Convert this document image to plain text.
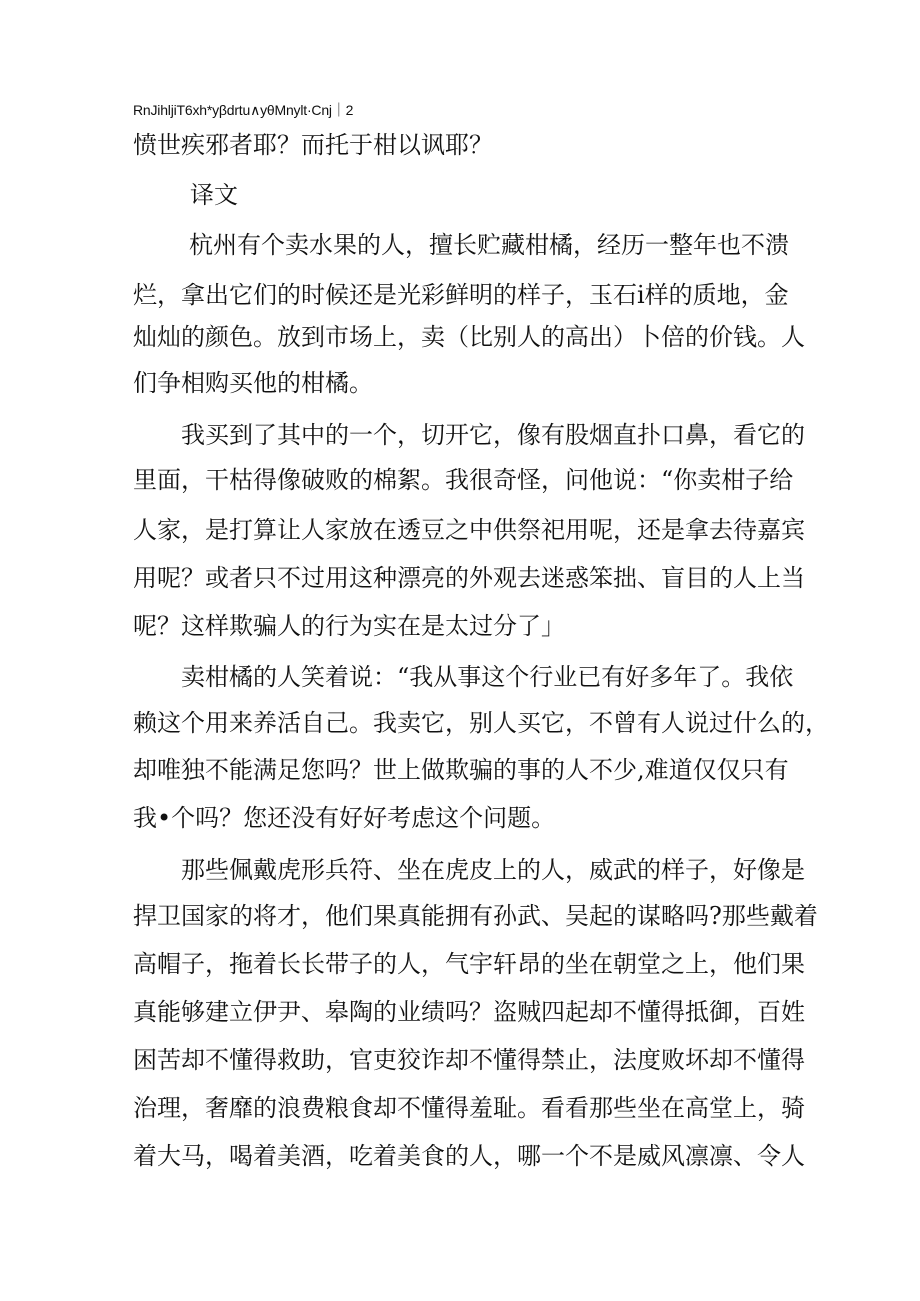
RnJihljiT6xh*yβdrtu∧yθMnylt·Cnj｜2
愤世疾邪者耶？而托于柑以讽耶？
译文
杭州有个卖水果的人，擅长贮藏柑橘，经历一整年也不溃
烂，拿出它们的时候还是光彩鲜明的样子，玉石i样的质地，金
灿灿的颜色。放到市场上，卖（比别人的高出）卜倍的价钱。人
们争相购买他的柑橘。
我买到了其中的一个，切开它，像有股烟直扑口鼻，看它的
里面，干枯得像破败的棉絮。我很奇怪，问他说：“你卖柑子给
人家，是打算让人家放在透豆之中供祭祀用呢，还是拿去待嘉宾
用呢？或者只不过用这种漂亮的外观去迷惑笨拙、盲目的人上当
呢？这样欺骗人的行为实在是太过分了」
卖柑橘的人笑着说：“我从事这个行业已有好多年了。我依
赖这个用来养活自己。我卖它，别人买它，不曾有人说过什么的，
却唯独不能满足您吗？世上做欺骗的事的人不少,难道仅仅只有
我•个吗？您还没有好好考虑这个问题。
那些佩戴虎形兵符、坐在虎皮上的人，威武的样子，好像是
捍卫国家的将才，他们果真能拥有孙武、吴起的谋略吗?那些戴着
高帽子，拖着长长带子的人，气宇轩昂的坐在朝堂之上，他们果
真能够建立伊尹、皋陶的业绩吗？盗贼四起却不懂得抵御，百姓
困苦却不懂得救助，官吏狡诈却不懂得禁止，法度败坏却不懂得
治理，奢靡的浪费粮食却不懂得羞耻。看看那些坐在高堂上，骑
着大马，喝着美酒，吃着美食的人，哪一个不是威风凛凛、令人
